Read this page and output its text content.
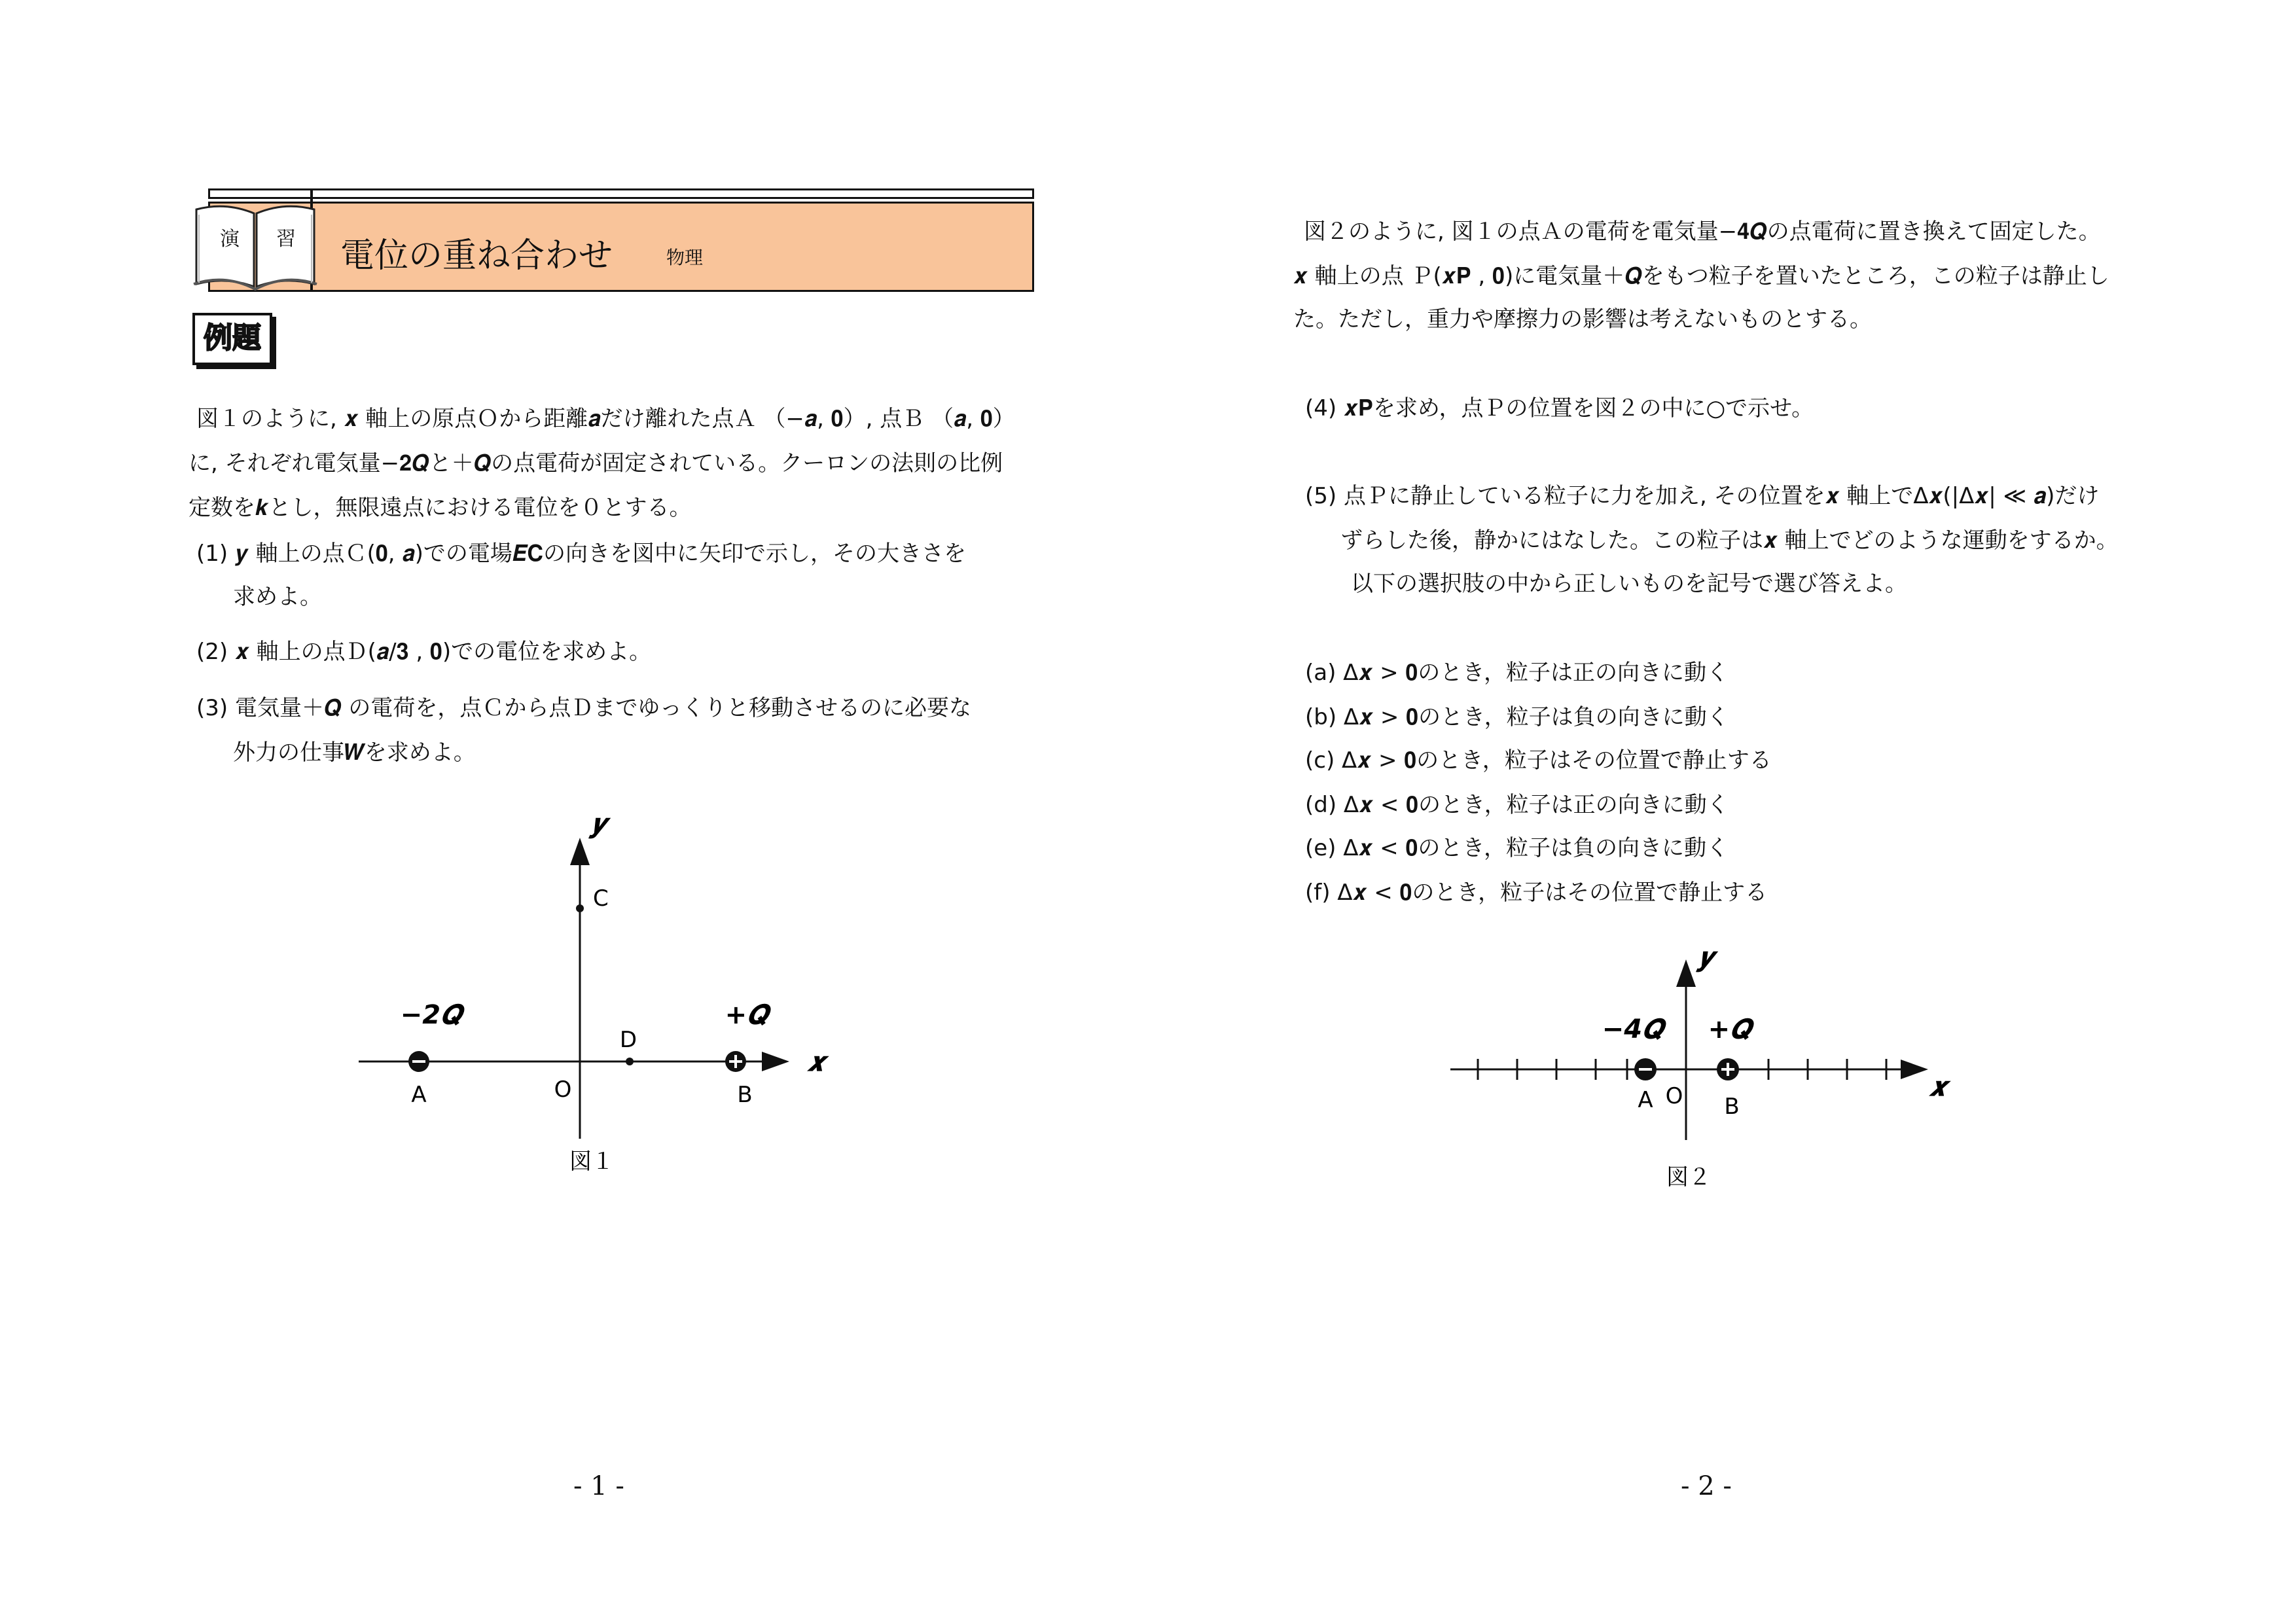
演 習 電位の重ね合わせ	物理
例題
図１のように, 𝒙 軸上の原点Ｏから距離𝒂だけ離れた点Ａ （−𝒂, 𝟎）, 点Ｂ （𝒂, 𝟎）
に, それぞれ電気量−𝟐𝑸と＋𝑸の点電荷が固定されている。クーロンの法則の比例
定数を𝒌とし，無限遠点における電位を０とする。
(1) 𝒚 軸上の点Ｃ(𝟎, 𝒂)での電場𝑬𝐂の向きを図中に矢印で示し，その大きさを
求めよ。
(2) 𝒙 軸上の点Ｄ(𝒂/𝟑 , 𝟎)での電位を求めよ。
(3) 電気量＋𝑸 の電荷を，点Ｃから点Ｄまでゆっくりと移動させるのに必要な
外力の仕事𝑾を求めよ。
A	B
C
D
O
−2𝑸	+𝑸
𝒙
𝒚
図１
- 1 -
図２のように, 図１の点Ａの電荷を電気量−𝟒𝑸の点電荷に置き換えて固定した。
𝒙 軸上の点 Ｐ(𝒙𝐏 , 𝟎)に電気量＋𝑸をもつ粒子を置いたところ，この粒子は静止し
た。ただし，重力や摩擦力の影響は考えないものとする。
(4) 𝒙𝐏を求め，点Ｐの位置を図２の中に○で示せ。
(5) 点Ｐに静止している粒子に力を加え, その位置を𝒙 軸上でΔ𝒙(|Δ𝒙| ≪ 𝒂)だけ
ずらした後，静かにはなした。この粒子は𝒙 軸上でどのような運動をするか。
以下の選択肢の中から正しいものを記号で選び答えよ。
(a) Δ𝒙 > 𝟎のとき，粒子は正の向きに動く
(b) Δ𝒙 > 𝟎のとき，粒子は負の向きに動く
(c) Δ𝒙 > 𝟎のとき，粒子はその位置で静止する
(d) Δ𝒙 < 𝟎のとき，粒子は正の向きに動く
(e) Δ𝒙 < 𝟎のとき，粒子は負の向きに動く
(f) Δ𝒙 < 𝟎のとき，粒子はその位置で静止する
A	B
O
−4𝑸 +𝑸
𝒙
𝒚
図２
- 2 -
